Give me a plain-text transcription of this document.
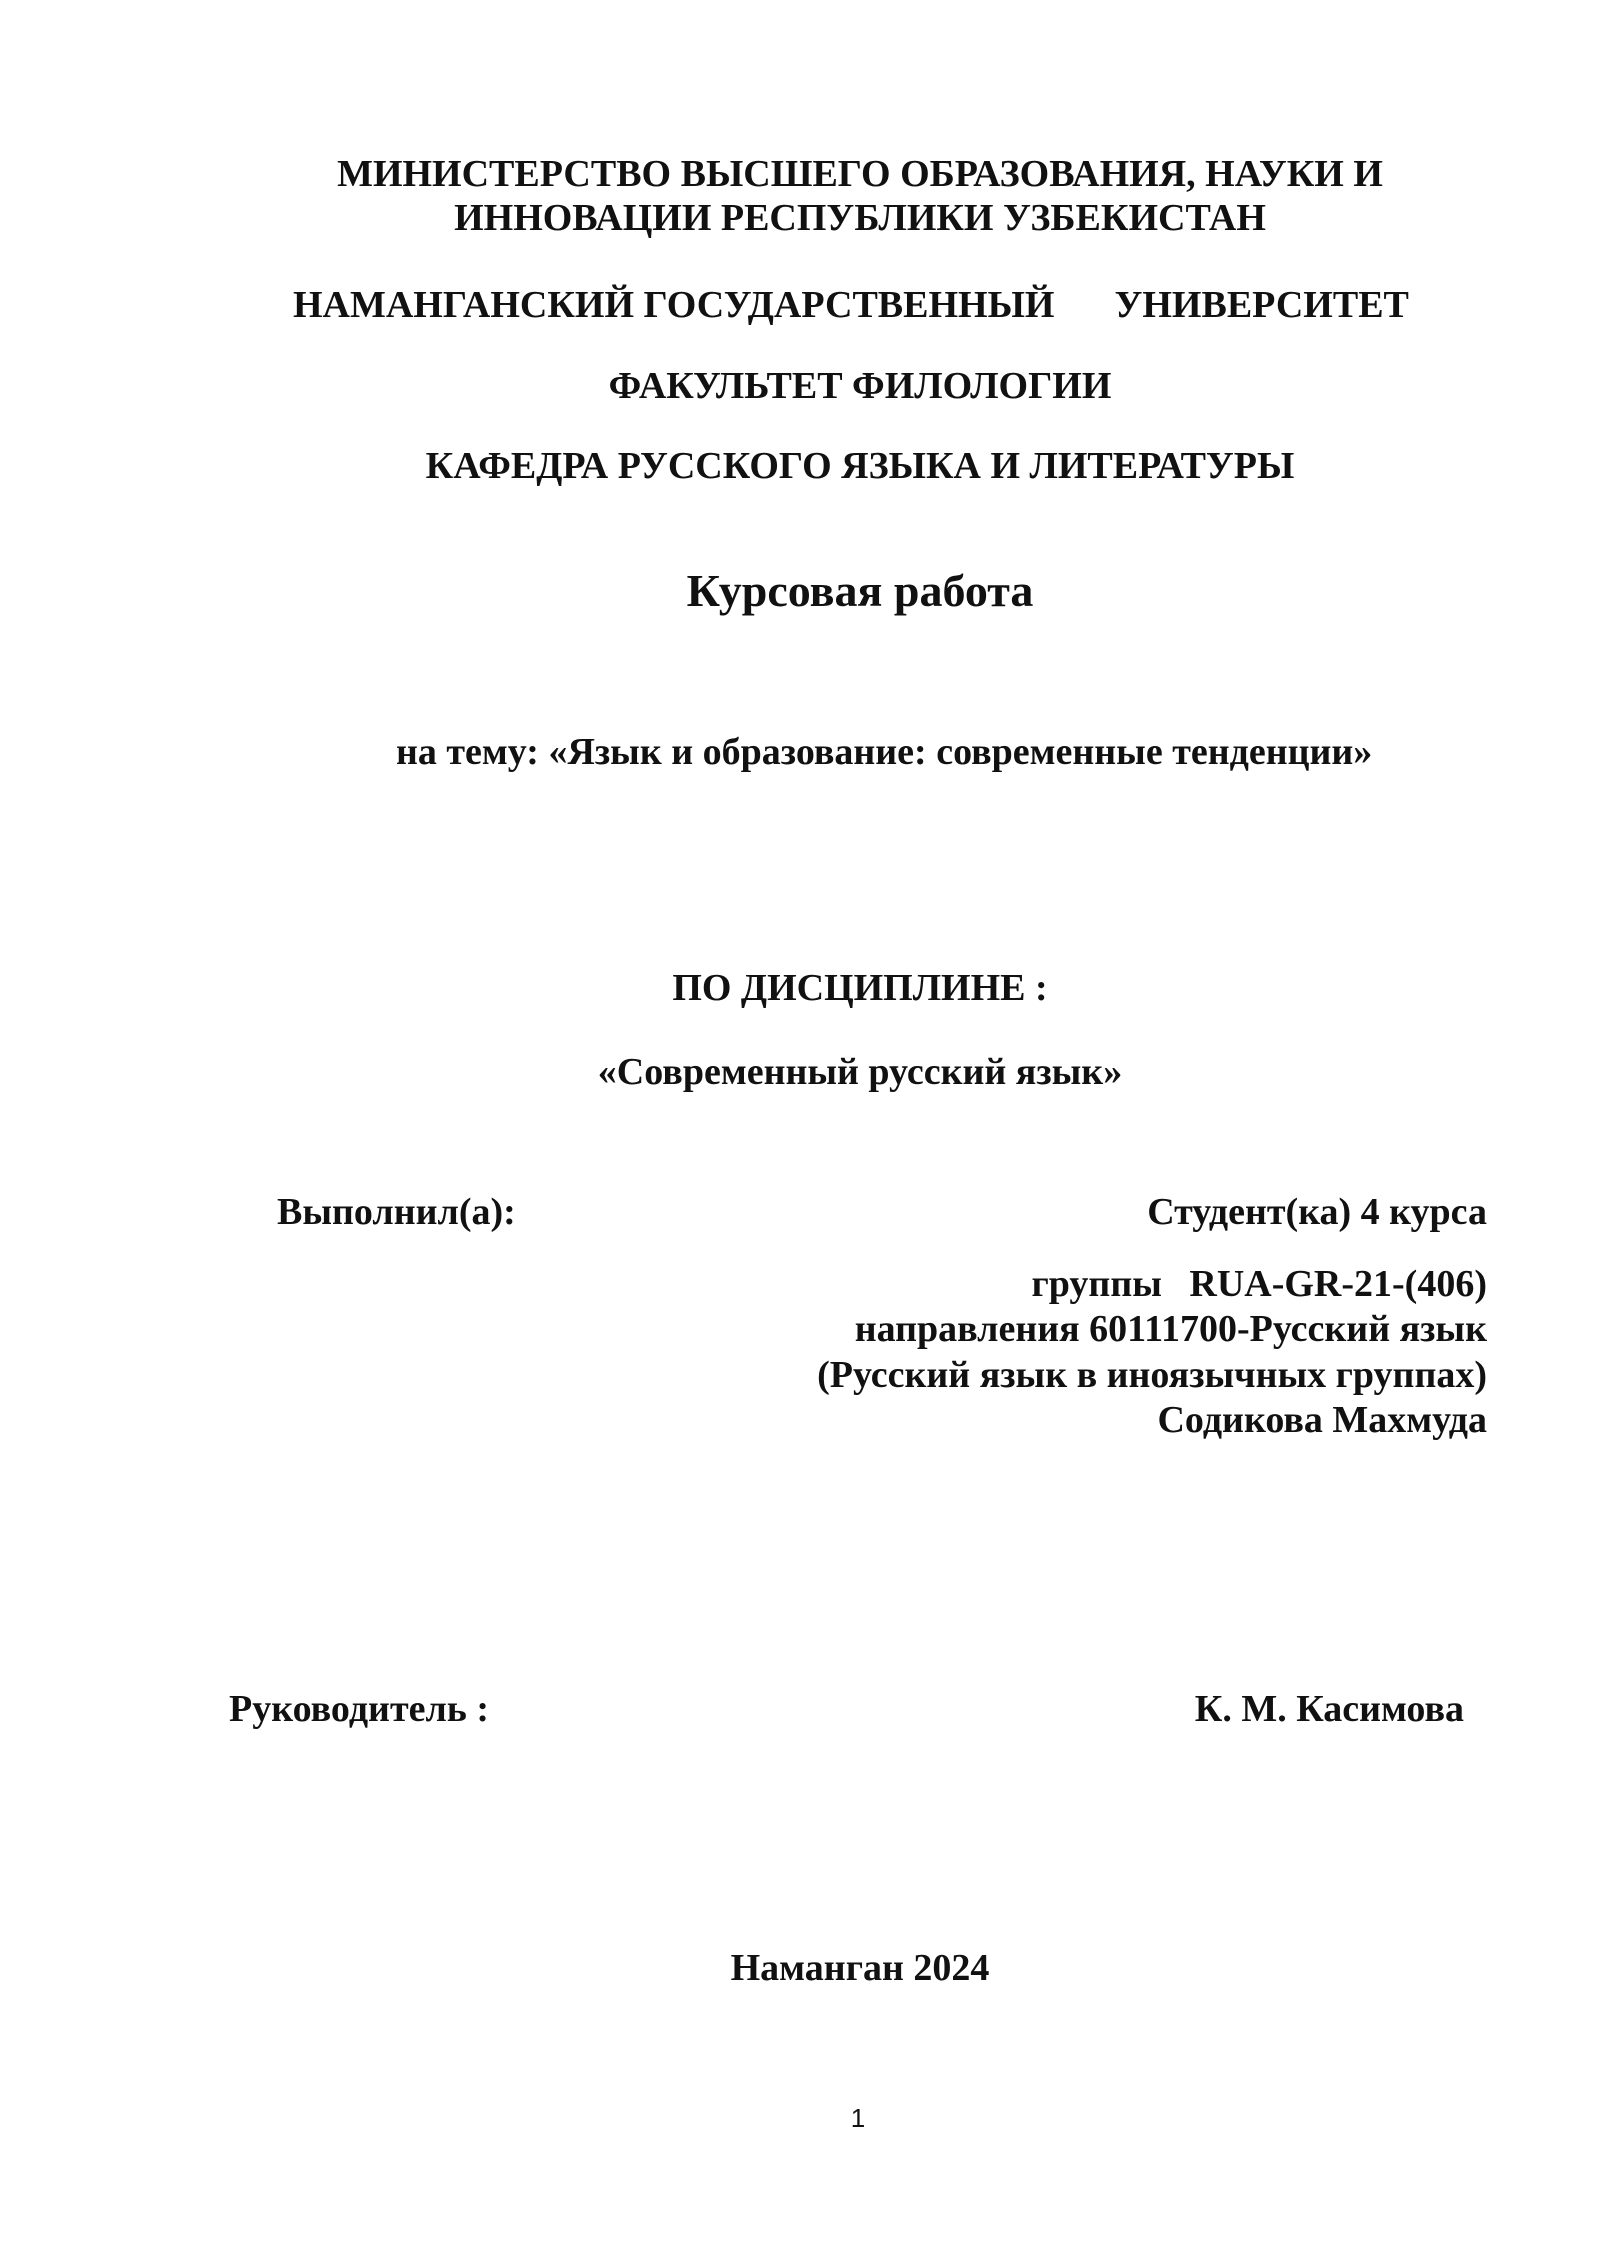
МИНИСТЕРСТВО ВЫСШЕГО ОБРАЗОВАНИЯ, НАУКИ И
ИННОВАЦИИ РЕСПУБЛИКИ УЗБЕКИСТАН
НАМАНГАНСКИЙ ГОСУДАРСТВЕННЫЙ УНИВЕРСИТЕТ
ФАКУЛЬТЕТ ФИЛОЛОГИИ
КАФЕДРА РУССКОГО ЯЗЫКА И ЛИТЕРАТУРЫ
Курсовая работа
на тему: «Язык и образование: современные тенденции»
ПО ДИСЦИПЛИНЕ :
«Современный русский язык»
Выполнил(а):	Студент(ка) 4 курса
группы RUA-GR-21-(406)
направления 60111700-Русский язык
(Русский язык в иноязычных группах)
Содикова Махмуда
Руководитель :	К. М. Касимова
Наманган 2024
1
